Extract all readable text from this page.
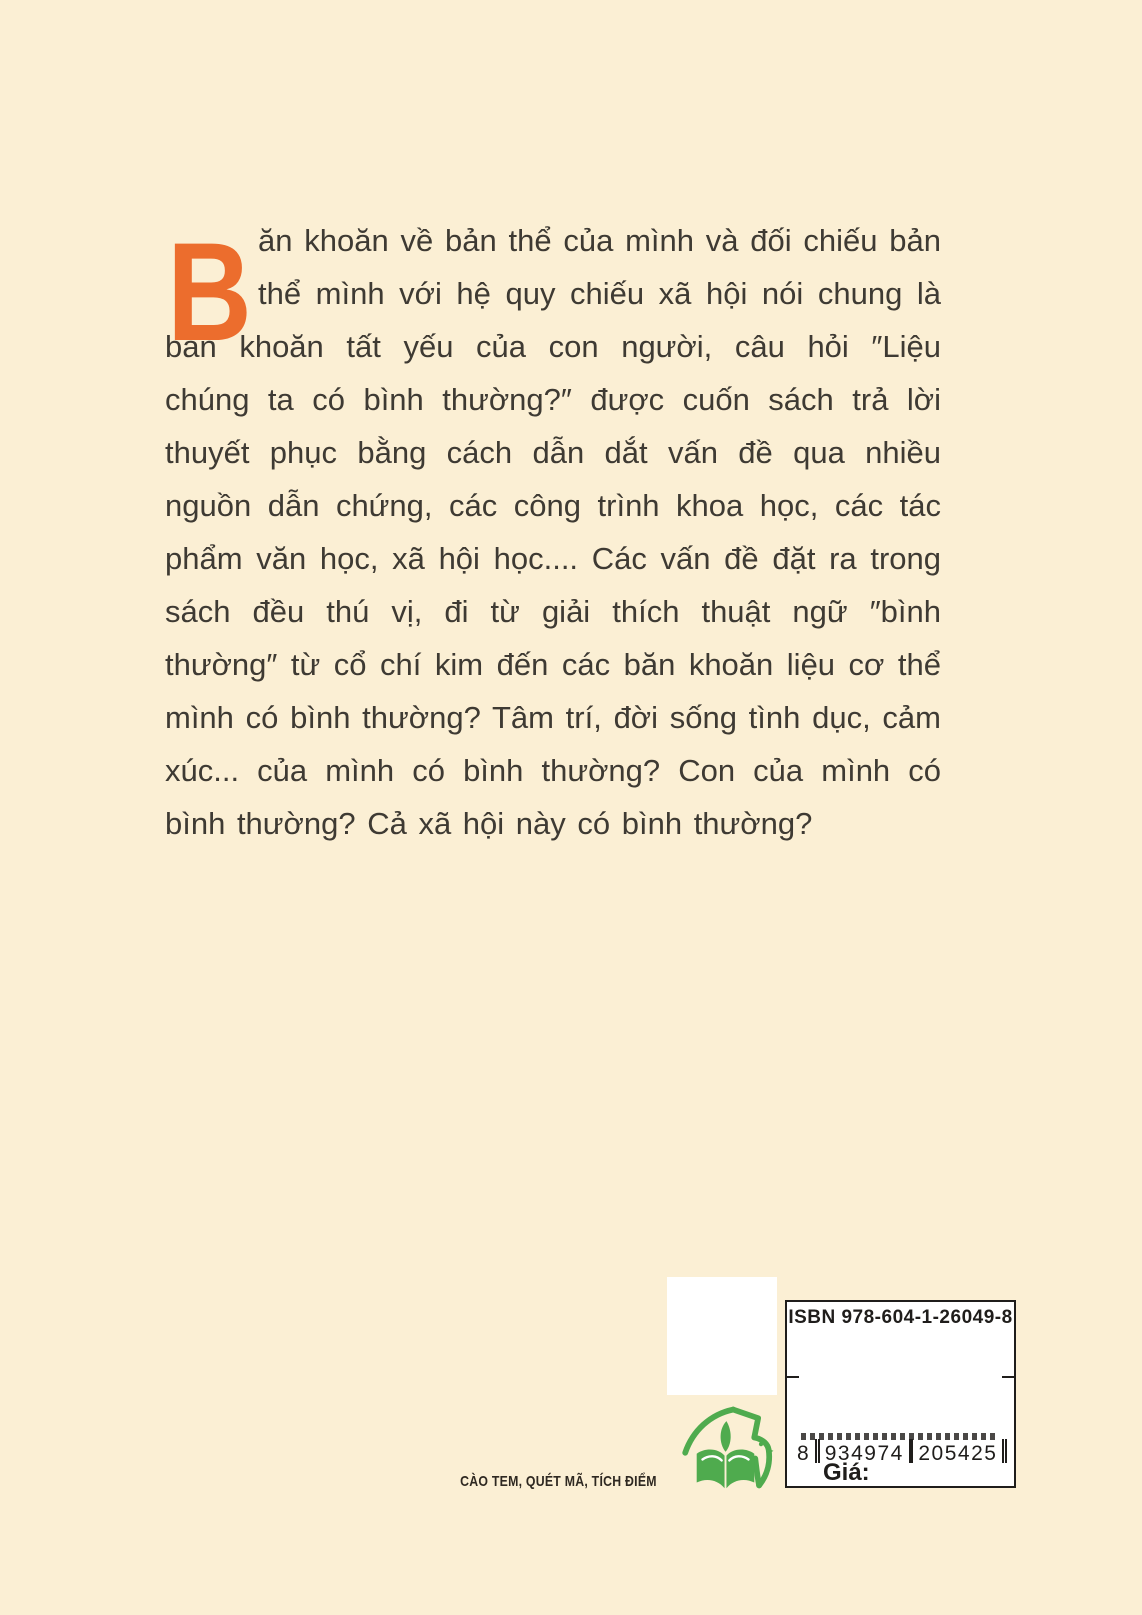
B ăn khoăn về bản thể của mình và đối chiếu bản
thể mình với hệ quy chiếu xã hội nói chung là
băn khoăn tất yếu của con người, câu hỏi ″Liệu
chúng ta có bình thường?″ được cuốn sách trả lời
thuyết phục bằng cách dẫn dắt vấn đề qua nhiều
nguồn dẫn chứng, các công trình khoa học, các tác
phẩm văn học, xã hội học.... Các vấn đề đặt ra trong
sách đều thú vị, đi từ giải thích thuật ngữ ″bình
thường″ từ cổ chí kim đến các băn khoăn liệu cơ thể
mình có bình thường? Tâm trí, đời sống tình dục, cảm
xúc... của mình có bình thường? Con của mình có
bình thường? Cả xã hội này có bình thường?
ISBN 978-604-1-26049-8
8 934974 205425
Giá:
CÀO TEM, QUÉT MÃ, TÍCH ĐIỂM
